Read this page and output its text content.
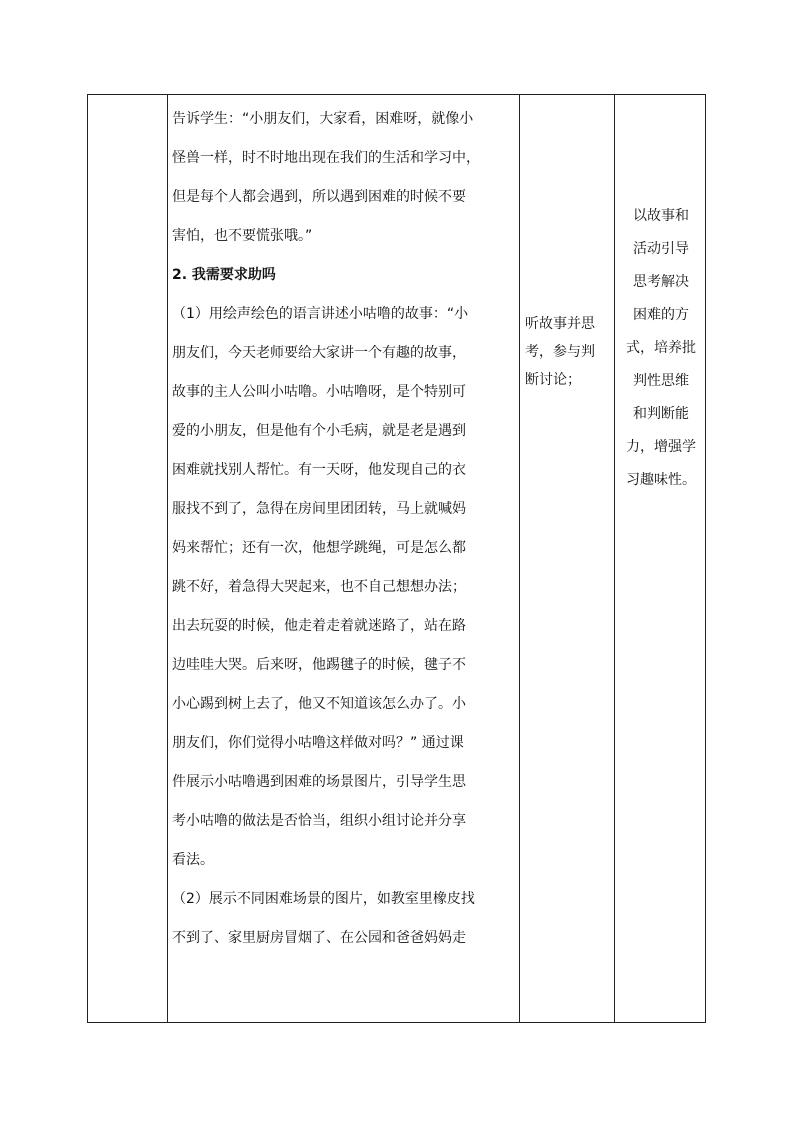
告诉学生：“小朋友们，大家看，困难呀，就像小

怪兽一样，时不时地出现在我们的生活和学习中，

但是每个人都会遇到，所以遇到困难的时候不要

害怕，也不要慌张哦。”

2. 我需要求助吗

（1）用绘声绘色的语言讲述小咕噜的故事：“小

朋友们，今天老师要给大家讲一个有趣的故事，

故事的主人公叫小咕噜。小咕噜呀，是个特别可

爱的小朋友，但是他有个小毛病，就是老是遇到

困难就找别人帮忙。有一天呀，他发现自己的衣

服找不到了，急得在房间里团团转，马上就喊妈

妈来帮忙；还有一次，他想学跳绳，可是怎么都

跳不好，着急得大哭起来，也不自己想想办法；

出去玩耍的时候，他走着走着就迷路了，站在路

边哇哇大哭。后来呀，他踢毽子的时候，毽子不

小心踢到树上去了，他又不知道该怎么办了。小

朋友们，你们觉得小咕噜这样做对吗？” 通过课

件展示小咕噜遇到困难的场景图片，引导学生思

考小咕噜的做法是否恰当，组织小组讨论并分享

看法。

（2）展示不同困难场景的图片，如教室里橡皮找

不到了、家里厨房冒烟了、在公园和爸爸妈妈走

听故事并思

考，参与判

断讨论；

以故事和

活动引导

思考解决

困难的方

式，培养批

判性思维

和判断能

力，增强学

习趣味性。
